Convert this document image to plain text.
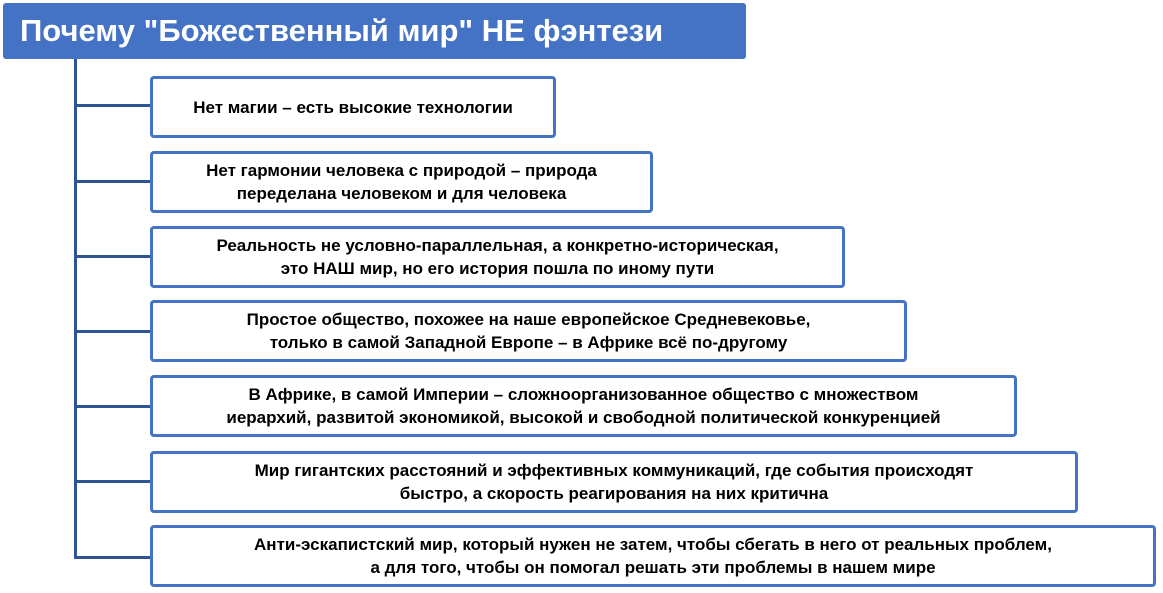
Почему "Божественный мир" НЕ фэнтези
Нет магии – есть высокие технологии
Нет гармонии человека с природой – природа
переделана человеком и для человека
Реальность не условно-параллельная, а конкретно-историческая,
это НАШ мир, но его история пошла по иному пути
Простое общество, похожее на наше европейское Средневековье,
только в самой Западной Европе – в Африке всё по-другому
В Африке, в самой Империи – сложноорганизованное общество с множеством
иерархий, развитой экономикой, высокой и свободной политической конкуренцией
Мир гигантских расстояний и эффективных коммуникаций, где события происходят
быстро, а скорость реагирования на них критична
Анти-эскапистский мир, который нужен не затем, чтобы сбегать в него от реальных проблем,
а для того, чтобы он помогал решать эти проблемы в нашем мире
